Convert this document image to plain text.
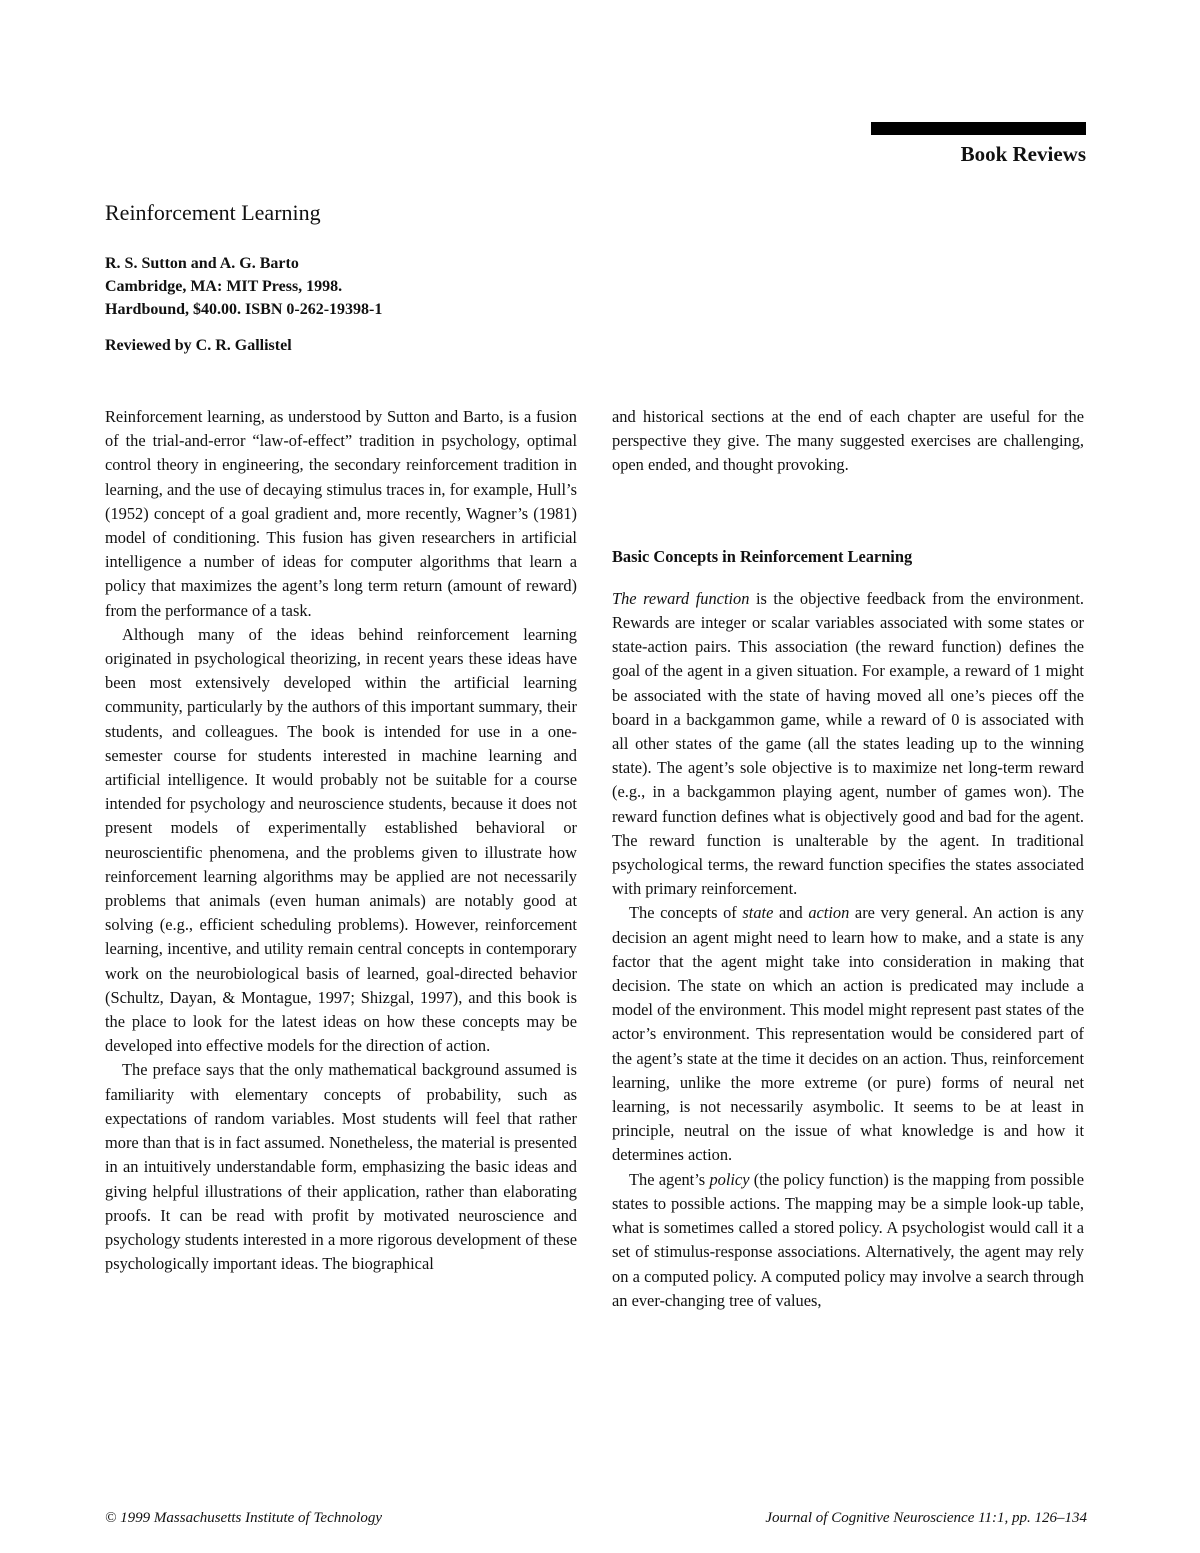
Book Reviews
Reinforcement Learning
R. S. Sutton and A. G. Barto
Cambridge, MA: MIT Press, 1998.
Hardbound, $40.00. ISBN 0-262-19398-1
Reviewed by C. R. Gallistel

Reinforcement learning, as understood by Sutton and Barto, is a fusion of the trial-and-error “law-of-effect” tradition in psychology, optimal control theory in engineering, the secondary reinforcement tradition in learning, and the use of decaying stimulus traces in, for example, Hull’s (1952) concept of a goal gradient and, more recently, Wagner’s (1981) model of conditioning. This fusion has given researchers in artificial intelligence a number of ideas for computer algorithms that learn a policy that maximizes the agent’s long term return (amount of reward) from the performance of a task.

Although many of the ideas behind reinforcement learning originated in psychological theorizing, in recent years these ideas have been most extensively developed within the artificial learning community, particularly by the authors of this important summary, their students, and colleagues. The book is intended for use in a one-semester course for students interested in machine learning and artificial intelligence. It would probably not be suitable for a course intended for psychology and neuroscience students, because it does not present models of experimentally established behavioral or neuroscientific phenomena, and the problems given to illustrate how reinforcement learning algorithms may be applied are not necessarily problems that animals (even human animals) are notably good at solving (e.g., efficient scheduling problems). However, reinforcement learning, incentive, and utility remain central concepts in contemporary work on the neurobiological basis of learned, goal-directed behavior (Schultz, Dayan, & Montague, 1997; Shizgal, 1997), and this book is the place to look for the latest ideas on how these concepts may be developed into effective models for the direction of action.

The preface says that the only mathematical background assumed is familiarity with elementary concepts of probability, such as expectations of random variables. Most students will feel that rather more than that is in fact assumed. Nonetheless, the material is presented in an intuitively understandable form, emphasizing the basic ideas and giving helpful illustrations of their application, rather than elaborating proofs. It can be read with profit by motivated neuroscience and psychology students interested in a more rigorous development of these psychologically important ideas. The biographical

and historical sections at the end of each chapter are useful for the perspective they give. The many suggested exercises are challenging, open ended, and thought provoking.

Basic Concepts in Reinforcement Learning

The reward function is the objective feedback from the environment. Rewards are integer or scalar variables associated with some states or state-action pairs. This association (the reward function) defines the goal of the agent in a given situation. For example, a reward of 1 might be associated with the state of having moved all one’s pieces off the board in a backgammon game, while a reward of 0 is associated with all other states of the game (all the states leading up to the winning state). The agent’s sole objective is to maximize net long-term reward (e.g., in a backgammon playing agent, number of games won). The reward function defines what is objectively good and bad for the agent. The reward function is unalterable by the agent. In traditional psychological terms, the reward function specifies the states associated with primary reinforcement.

The concepts of state and action are very general. An action is any decision an agent might need to learn how to make, and a state is any factor that the agent might take into consideration in making that decision. The state on which an action is predicated may include a model of the environment. This model might represent past states of the actor’s environment. This representation would be considered part of the agent’s state at the time it decides on an action. Thus, reinforcement learning, unlike the more extreme (or pure) forms of neural net learning, is not necessarily asymbolic. It seems to be at least in principle, neutral on the issue of what knowledge is and how it determines action.

The agent’s policy (the policy function) is the mapping from possible states to possible actions. The mapping may be a simple look-up table, what is sometimes called a stored policy. A psychologist would call it a set of stimulus-response associations. Alternatively, the agent may rely on a computed policy. A computed policy may involve a search through an ever-changing tree of values,

© 1999 Massachusetts Institute of Technology	Journal of Cognitive Neuroscience 11:1, pp. 126–134
